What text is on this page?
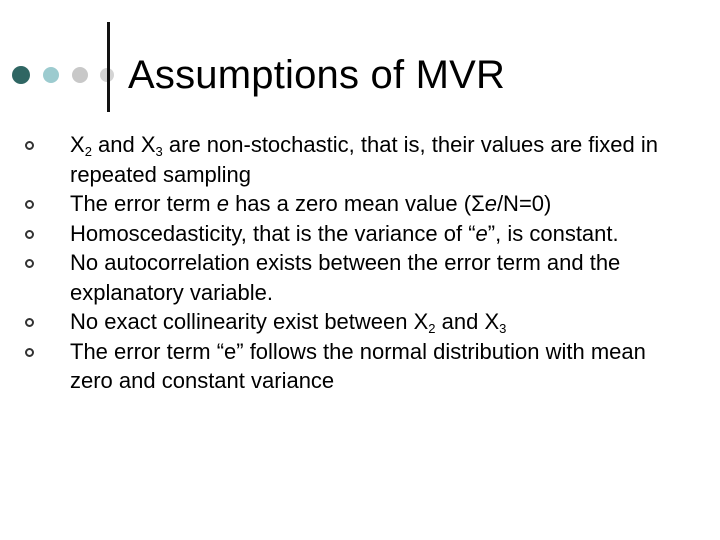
Assumptions of MVR
$X_2$ and $X_3$ are non-stochastic, that is, their values are fixed in repeated sampling
The error term e has a zero mean value (Σe/N=0)
Homoscedasticity, that is the variance of “e”, is constant.
No autocorrelation exists between the error term and the explanatory variable.
No exact collinearity exist between $X_2$ and $X_3$
The error term “e” follows the normal distribution with mean zero and constant variance
